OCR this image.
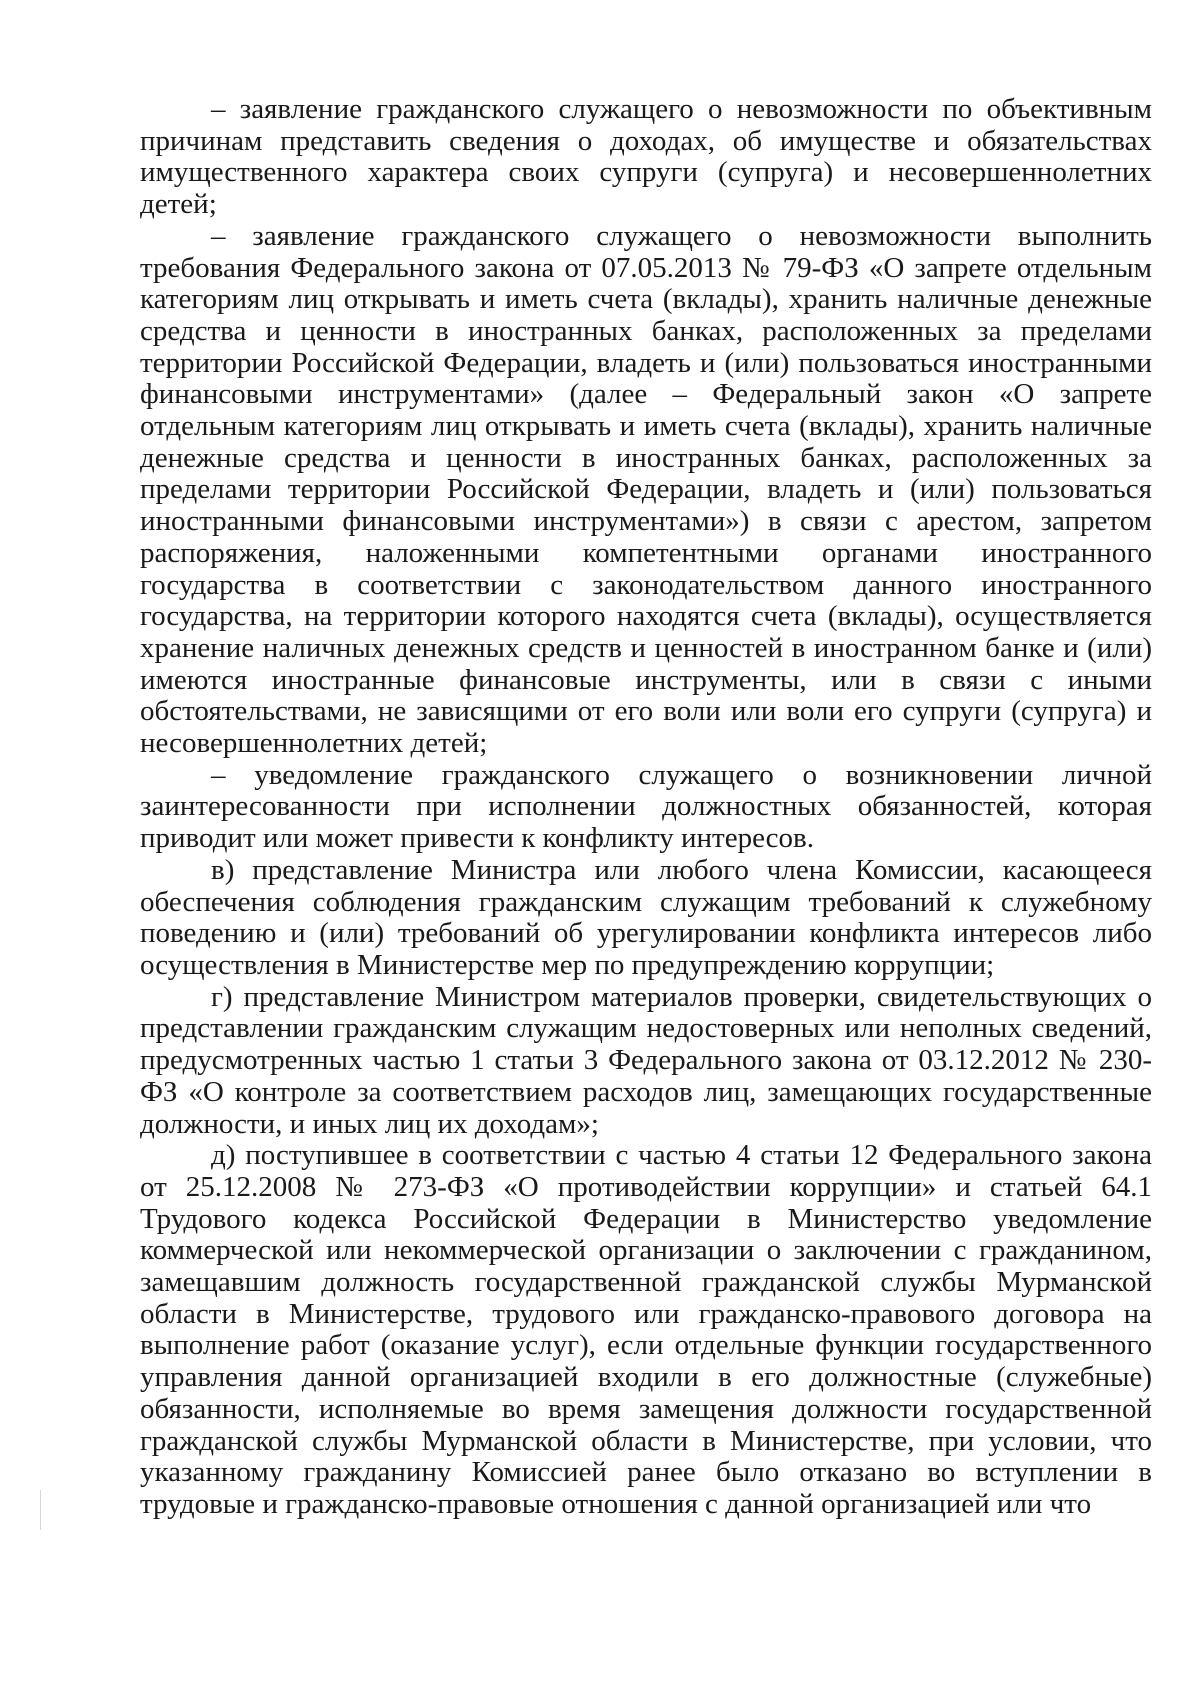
– заявление гражданского служащего о невозможности по объективным причинам представить сведения о доходах, об имуществе и обязательствах имущественного характера своих супруги (супруга) и несовершеннолетних детей;

– заявление гражданского служащего о невозможности выполнить требования Федерального закона от 07.05.2013 № 79-ФЗ «О запрете отдельным категориям лиц открывать и иметь счета (вклады), хранить наличные денежные средства и ценности в иностранных банках, расположенных за пределами территории Российской Федерации, владеть и (или) пользоваться иностранными финансовыми инструментами» (далее – Федеральный закон «О запрете отдельным категориям лиц открывать и иметь счета (вклады), хранить наличные денежные средства и ценности в иностранных банках, расположенных за пределами территории Российской Федерации, владеть и (или) пользоваться иностранными финансовыми инструментами») в связи с арестом, запретом распоряжения, наложенными компетентными органами иностранного государства в соответствии с законодательством данного иностранного государства, на территории которого находятся счета (вклады), осуществляется хранение наличных денежных средств и ценностей в иностранном банке и (или) имеются иностранные финансовые инструменты, или в связи с иными обстоятельствами, не зависящими от его воли или воли его супруги (супруга) и несовершеннолетних детей;

– уведомление гражданского служащего о возникновении личной заинтересованности при исполнении должностных обязанностей, которая приводит или может привести к конфликту интересов.

в) представление Министра или любого члена Комиссии, касающееся обеспечения соблюдения гражданским служащим требований к служебному поведению и (или) требований об урегулировании конфликта интересов либо осуществления в Министерстве мер по предупреждению коррупции;

г) представление Министром материалов проверки, свидетельствующих о представлении гражданским служащим недостоверных или неполных сведений, предусмотренных частью 1 статьи 3 Федерального закона от 03.12.2012 № 230-ФЗ «О контроле за соответствием расходов лиц, замещающих государственные должности, и иных лиц их доходам»;

д) поступившее в соответствии с частью 4 статьи 12 Федерального закона от 25.12.2008 № 273-ФЗ «О противодействии коррупции» и статьей 64.1 Трудового кодекса Российской Федерации в Министерство уведомление коммерческой или некоммерческой организации о заключении с гражданином, замещавшим должность государственной гражданской службы Мурманской области в Министерстве, трудового или гражданско-правового договора на выполнение работ (оказание услуг), если отдельные функции государственного управления данной организацией входили в его должностные (служебные) обязанности, исполняемые во время замещения должности государственной гражданской службы Мурманской области в Министерстве, при условии, что указанному гражданину Комиссией ранее было отказано во вступлении в трудовые и гражданско-правовые отношения с данной организацией или что
